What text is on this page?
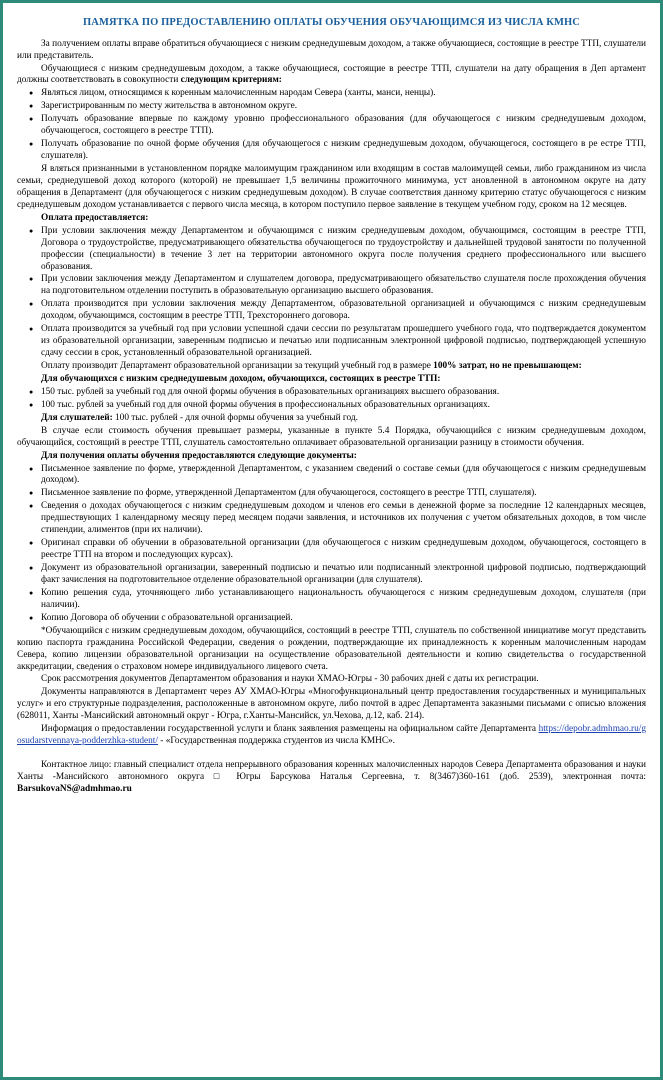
ПАМЯТКА ПО ПРЕДОСТАВЛЕНИЮ ОПЛАТЫ ОБУЧЕНИЯ ОБУЧАЮЩИМСЯ ИЗ ЧИСЛА КМНС

За получением оплаты вправе обратиться обучающиеся с низким среднедушевым доходом, а также обучающиеся, состоящие в реестре ТТП, слушатели или представитель.

Обучающиеся с низким среднедушевым доходом, а также обучающиеся, состоящие в реестре ТТП, слушатели на дату обращения в Деп артамент должны соответствовать в совокупности следующим критериям:

● Являться лицом, относящимся к коренным малочисленным народам Севера (ханты, манси, ненцы).

● Зарегистрированным по месту жительства в автономном округе.

● Получать образование впервые по каждому уровню профессионального образования (для обучающегося с низким среднедушевым доходом, обучающегося, состоящего в реестре ТТП).

● Получать образование по очной форме обучения (для обучающегося с низким среднедушевым доходом, обучающегося, состоящего в ре естре ТТП, слушателя).

Я вляться признанными в установленном порядке малоимущим гражданином или входящим в состав малоимущей семьи, либо гражданином из числа семьи, среднедушевой доход которого (которой) не превышает 1,5 величины прожиточного минимума, уст ановленной в автономном округе на дату обращения в Департамент (для обучающегося с низким среднедушевым доходом). В случае соответствия данному критерию статус обучающегося с низким среднедушевым доходом устанавливается с первого числа месяца, в котором поступило первое заявление в текущем учебном году, сроком на 12 месяцев.

Оплата предоставляется:

● При условии заключения между Департаментом и обучающимся с низким среднедушевым доходом, обучающимся, состоящим в реестре ТТП, Договора о трудоустройстве, предусматривающего обязательства обучающегося по трудоустройству и дальнейшей трудовой занятости по полученной профессии (специальности) в течение 3 лет на территории автономного округа после получения среднего профессионального или высшего образования.

● При условии заключения между Департаментом и слушателем договора, предусматривающего обязательство слушателя после прохождения обучения на подготовительном отделении поступить в образовательную организацию высшего образования.

● Оплата производится при условии заключения между Департаментом, образовательной организацией и обучающимся с низким среднедушевым доходом, обучающимся, состоящим в реестре ТТП, Трехстороннего договора.

● Оплата производится за учебный год при условии успешной сдачи сессии по результатам прошедшего учебного года, что подтверждается документом из образовательной организации, заверенным подписью и печатью или подписанным электронной цифровой подписью, подтверждающей успешную сдачу сессии в срок, установленный образовательной организацией.

Оплату производит Департамент образовательной организации за текущий учебный год в размере 100% затрат, но не превышающем:

Для обучающихся с низким среднедушевым доходом, обучающихся, состоящих в реестре ТТП:

● 150 тыс. рублей за учебный год для очной формы обучения в образовательных организациях высшего образования.

● 100 тыс. рублей за учебный год для очной формы обучения в профессиональных образовательных организациях.

Для слушателей: 100 тыс. рублей - для очной формы обучения за учебный год.

В случае если стоимость обучения превышает размеры, указанные в пункте 5.4 Порядка, обучающийся с низким среднедушевым доходом, обучающийся, состоящий в реестре ТТП, слушатель самостоятельно оплачивает образовательной организации разницу в стоимости обучения.

Для получения оплаты обучения предоставляются следующие документы:

● Письменное заявление по форме, утвержденной Департаментом, с указанием сведений о составе семьи (для обучающегося с низким среднедушевым доходом).

● Письменное заявление по форме, утвержденной Департаментом (для обучающегося, состоящего в реестре ТТП, слушателя).

● Сведения о доходах обучающегося с низким среднедушевым доходом и членов его семьи в денежной форме за последние 12 календарных месяцев, предшествующих 1 календарному месяцу перед месяцем подачи заявления, и источников их получения с учетом обязательных доходов, в том числе стипендии, алиментов (при их наличии).

● Оригинал справки об обучении в образовательной организации (для обучающегося с низким среднедушевым доходом, обучающегося, состоящего в реестре ТТП на втором и последующих курсах).

● Документ из образовательной организации, заверенный подписью и печатью или подписанный электронной цифровой подписью, подтверждающий факт зачисления на подготовительное отделение образовательной организации (для слушателя).

● Копию решения суда, уточняющего либо устанавливающего национальность обучающегося с низким среднедушевым доходом, слушателя (при наличии).

● Копию Договора об обучении с образовательной организацией.

*Обучающийся с низким среднедушевым доходом, обучающийся, состоящий в реестре ТТП, слушатель по собственной инициативе могут представить копию паспорта гражданина Российской Федерации, сведения о рождении, подтверждающие их принадлежность к коренным малочисленным народам Севера, копию лицензии образовательной организации на осуществление образовательной деятельности и копию свидетельства о государственной аккредитации, сведения о страховом номере индивидуального лицевого счета.

Срок рассмотрения документов Департаментом образования и науки ХМАО-Югры - 30 рабочих дней с даты их регистрации.

Документы направляются в Департамент через АУ ХМАО-Югры «Многофункциональный центр предоставления государственных и муниципальных услуг» и его структурные подразделения, расположенные в автономном округе, либо почтой в адрес Департамента заказными письмами с описью вложения (628011, Ханты -Мансийский автономный округ - Югра, г.Ханты-Мансийск, ул.Чехова, д.12, каб. 214).

Информация о предоставлении государственной услуги и бланк заявления размещены на официальном сайте Департамента https://depobr.admhmao.ru/gosudarstvennaya-podderzhka-student/ - «Государственная поддержка студентов из числа КМНС».

Контактное лицо: главный специалист отдела непрерывного образования коренных малочисленных народов Севера Департамента образования и науки Ханты -Мансийского автономного округа □ Югры Барсукова Наталья Сергеевна, т. 8(3467)360-161 (доб. 2539), электронная почта: BarsukovaNS@admhmao.ru
